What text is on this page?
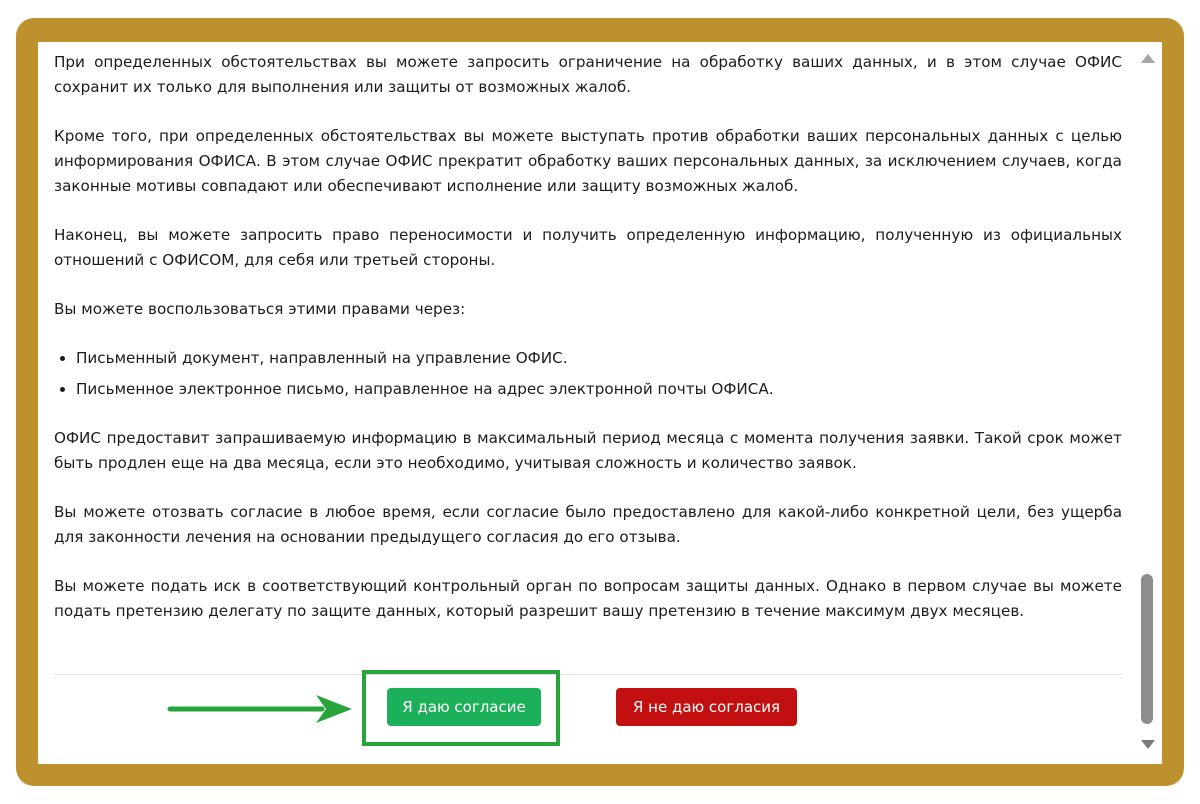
При определенных обстоятельствах вы можете запросить ограничение на обработку ваших данных, и в этом случае ОФИС сохранит их только для выполнения или защиты от возможных жалоб.

Кроме того, при определенных обстоятельствах вы можете выступать против обработки ваших персональных данных с целью информирования ОФИСА. В этом случае ОФИС прекратит обработку ваших персональных данных, за исключением случаев, когда законные мотивы совпадают или обеспечивают исполнение или защиту возможных жалоб.

Наконец, вы можете запросить право переносимости и получить определенную информацию, полученную из официальных отношений с ОФИСОМ, для себя или третьей стороны.

Вы можете воспользоваться этими правами через:

• Письменный документ, направленный на управление ОФИС.
• Письменное электронное письмо, направленное на адрес электронной почты ОФИСА.

ОФИС предоставит запрашиваемую информацию в максимальный период месяца с момента получения заявки. Такой срок может быть продлен еще на два месяца, если это необходимо, учитывая сложность и количество заявок.

Вы можете отозвать согласие в любое время, если согласие было предоставлено для какой-либо конкретной цели, без ущерба для законности лечения на основании предыдущего согласия до его отзыва.

Вы можете подать иск в соответствующий контрольный орган по вопросам защиты данных. Однако в первом случае вы можете подать претензию делегату по защите данных, который разрешит вашу претензию в течение максимум двух месяцев.

Я даю согласие	Я не даю согласия
